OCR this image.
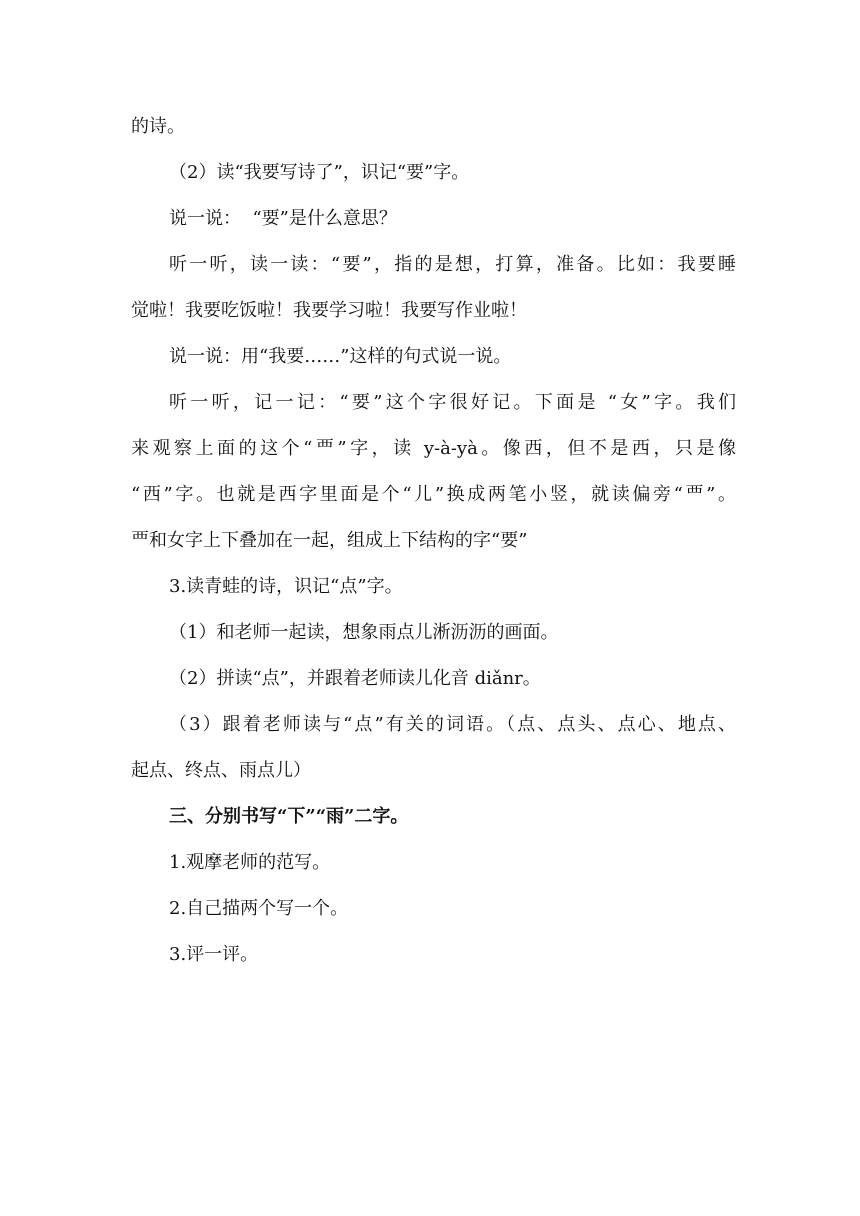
的诗。
（2）读“我要写诗了”，识记“要”字。
说一说：  “要”是什么意思？
听一听，读一读：“要”，指的是想，打算，准备。比如：我要睡
觉啦！我要吃饭啦！我要学习啦！我要写作业啦！
说一说：用“我要……”这样的句式说一说。
听一听，记一记：“要”这个字很好记。下面是 “女”字。我们
来观察上面的这个“覀”字，读 y-à-yà。像西，但不是西，只是像
“西”字。也就是西字里面是个“儿”换成两笔小竖，就读偏旁“覀”。
覀和女字上下叠加在一起，组成上下结构的字“要”
3.读青蛙的诗，识记“点”字。
（1）和老师一起读，想象雨点儿淅沥沥的画面。
（2）拼读“点”，并跟着老师读儿化音 diǎnr。
（3）跟着老师读与“点”有关的词语。（点、点头、点心、地点、
起点、终点、雨点儿）
三、分别书写“下”“雨”二字。
1.观摩老师的范写。
2.自己描两个写一个。
3.评一评。
